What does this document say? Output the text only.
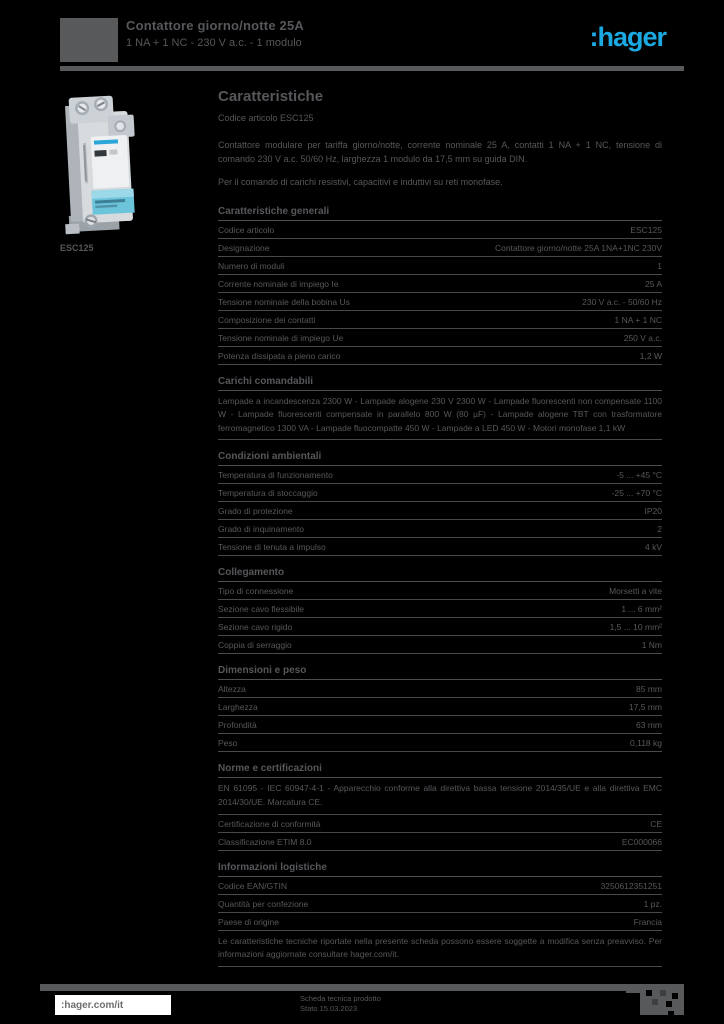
Contattore giorno/notte 25A
1 NA + 1 NC - 230 V a.c. - 1 modulo	:hager
ESC125
Caratteristiche
Codice articolo ESC125

Contattore modulare per tariffa giorno/notte, corrente nominale 25 A, contatti 1 NA + 1 NC, tensione di comando 230 V a.c. 50/60 Hz, larghezza 1 modulo da 17,5 mm su guida DIN.

Per il comando di carichi resistivi, capacitivi e induttivi su reti monofase.

Caratteristiche generali
Codice articolo	ESC125
Designazione	Contattore giorno/notte 25A 1NA+1NC 230V
Numero di moduli	1
Corrente nominale di impiego Ie	25 A
Tensione nominale della bobina Us	230 V a.c. - 50/60 Hz
Composizione dei contatti	1 NA + 1 NC
Tensione nominale di impiego Ue	250 V a.c.
Potenza dissipata a pieno carico	1,2 W
Carichi comandabili
Lampade a incandescenza 2300 W - Lampade alogene 230 V 2300 W - Lampade fluorescenti non compensate 1100 W - Lampade fluorescenti compensate in parallelo 800 W (80 µF) - Lampade alogene TBT con trasformatore ferromagnetico 1300 VA - Lampade fluocompatte 450 W - Lampade a LED 450 W - Motori monofase 1,1 kW
Condizioni ambientali
Temperatura di funzionamento	-5 ... +45 °C
Temperatura di stoccaggio	-25 ... +70 °C
Grado di protezione	IP20
Grado di inquinamento	2
Tensione di tenuta a impulso	4 kV
Collegamento
Tipo di connessione	Morsetti a vite
Sezione cavo flessibile	1 ... 6 mm²
Sezione cavo rigido	1,5 ... 10 mm²
Coppia di serraggio	1 Nm
Dimensioni e peso
Altezza	85 mm
Larghezza	17,5 mm
Profondità	63 mm
Peso	0,118 kg
Norme e certificazioni
EN 61095 - IEC 60947-4-1 - Apparecchio conforme alla direttiva bassa tensione 2014/35/UE e alla direttiva EMC 2014/30/UE. Marcatura CE.
Certificazione di conformità	CE
Classificazione ETIM 8.0	EC000066
Informazioni logistiche
Codice EAN/GTIN	3250612351251
Quantità per confezione	1 pz.
Paese di origine	Francia
Le caratteristiche tecniche riportate nella presente scheda possono essere soggette a modifica senza preavviso. Per informazioni aggiornate consultare hager.com/it.
:hager.com/it
Scheda tecnica prodotto
Stato 15.03.2023
